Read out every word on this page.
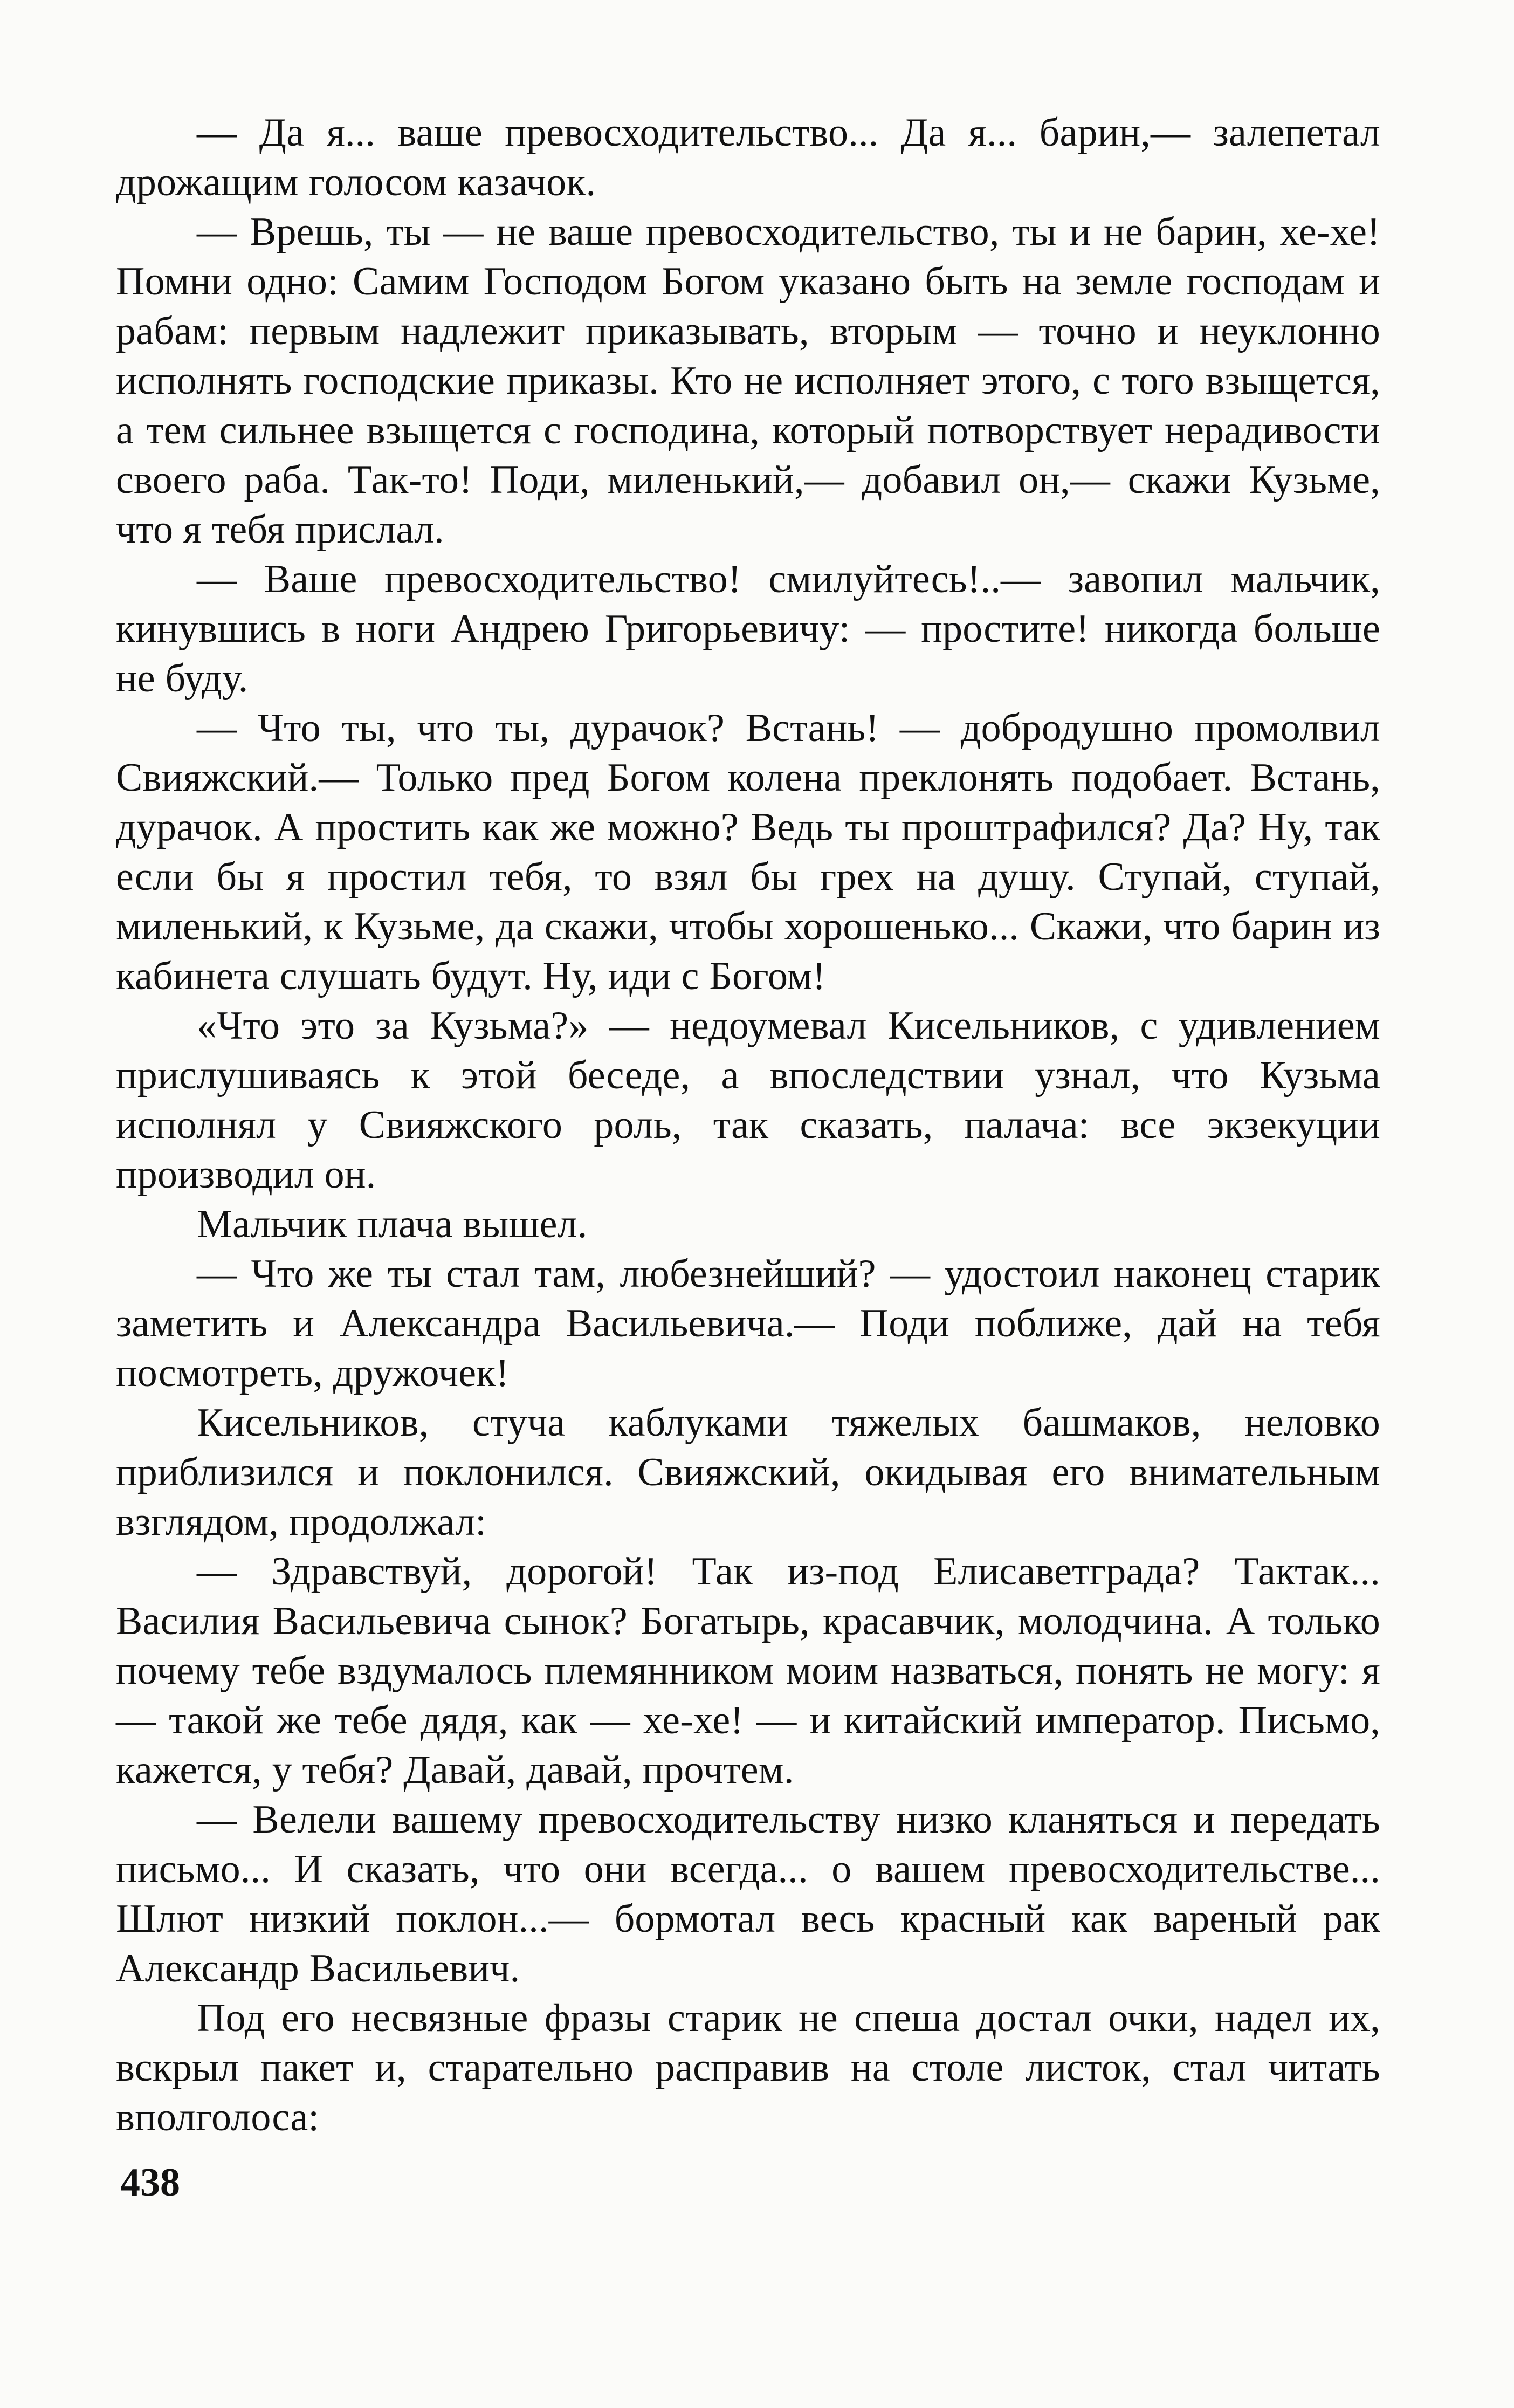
— Да я... ваше превосходительство... Да я... барин,— залепетал дрожащим голосом казачок.

— Врешь, ты — не ваше превосходительство, ты и не барин, хе-хе! Помни одно: Самим Господом Богом указано быть на земле господам и рабам: первым надлежит приказывать, вторым — точно и неуклонно исполнять господские приказы. Кто не исполняет этого, с того взыщется, а тем сильнее взыщется с господина, который потворствует нерадивости своего раба. Так-то! Поди, миленький,— добавил он,— скажи Кузьме, что я тебя прислал.

— Ваше превосходительство! смилуйтесь!..— завопил мальчик, кинувшись в ноги Андрею Григорьевичу: — простите! никогда больше не буду.

— Что ты, что ты, дурачок? Встань! — добродушно промолвил Свияжский.— Только пред Богом колена преклонять подобает. Встань, дурачок. А простить как же можно? Ведь ты проштрафился? Да? Ну, так если бы я простил тебя, то взял бы грех на душу. Ступай, ступай, миленький, к Кузьме, да скажи, чтобы хорошенько... Скажи, что барин из кабинета слушать будут. Ну, иди с Богом!

«Что это за Кузьма?» — недоумевал Кисельников, с удивлением прислушиваясь к этой беседе, а впоследствии узнал, что Кузьма исполнял у Свияжского роль, так сказать, палача: все экзекуции производил он.

Мальчик плача вышел.

— Что же ты стал там, любезнейший? — удостоил наконец старик заметить и Александра Васильевича.— Поди поближе, дай на тебя посмотреть, дружочек!

Кисельников, стуча каблуками тяжелых башмаков, неловко приблизился и поклонился. Свияжский, окидывая его внимательным взглядом, продолжал:

— Здравствуй, дорогой! Так из-под Елисаветграда? Тактак... Василия Васильевича сынок? Богатырь, красавчик, молодчина. А только почему тебе вздумалось племянником моим назваться, понять не могу: я — такой же тебе дядя, как — хе-хе! — и китайский император. Письмо, кажется, у тебя? Давай, давай, прочтем.

— Велели вашему превосходительству низко кланяться и передать письмо... И сказать, что они всегда... о вашем превосходительстве... Шлют низкий поклон...— бормотал весь красный как вареный рак Александр Васильевич.

Под его несвязные фразы старик не спеша достал очки, надел их, вскрыл пакет и, старательно расправив на столе листок, стал читать вполголоса:

438
